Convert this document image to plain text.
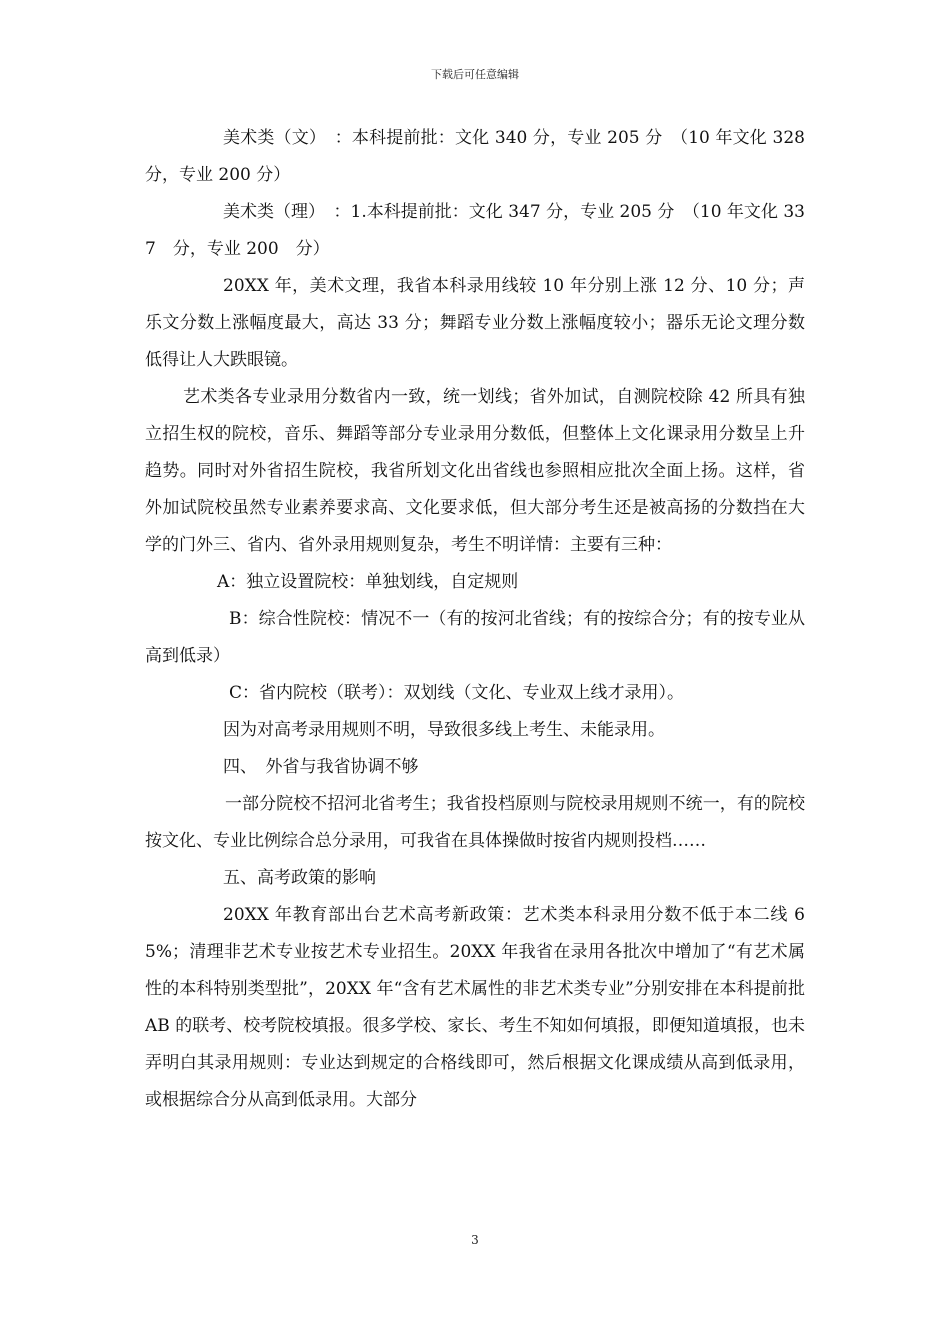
下载后可任意编辑

美术类（文）　：本科提前批：文化 340 分，专业 205 分　（10 年文化 328　分，专业 200 分）

美术类（理）　：1.本科提前批：文化 347 分，专业 205 分　（10 年文化 337　分，专业 200　分）

20XX 年，美术文理，我省本科录用线较 10 年分别上涨 12 分、10 分；声乐文分数上涨幅度最大，高达 33 分；舞蹈专业分数上涨幅度较小；器乐无论文理分数低得让人大跌眼镜。

艺术类各专业录用分数省内一致，统一划线；省外加试，自测院校除 42 所具有独立招生权的院校，音乐、舞蹈等部分专业录用分数低，但整体上文化课录用分数呈上升趋势。同时对外省招生院校，我省所划文化出省线也参照相应批次全面上扬。这样，省外加试院校虽然专业素养要求高、文化要求低，但大部分考生还是被高扬的分数挡在大学的门外三、省内、省外录用规则复杂，考生不明详情：主要有三种：

A：独立设置院校：单独划线，自定规则

B：综合性院校：情况不一（有的按河北省线；有的按综合分；有的按专业从高到低录）

C：省内院校（联考）：双划线（文化、专业双上线才录用）。

因为对高考录用规则不明，导致很多线上考生、未能录用。

四、　外省与我省协调不够

一部分院校不招河北省考生；我省投档原则与院校录用规则不统一，有的院校按文化、专业比例综合总分录用，可我省在具体操做时按省内规则投档……

五、高考政策的影响

20XX 年教育部出台艺术高考新政策：艺术类本科录用分数不低于本二线 65%；清理非艺术专业按艺术专业招生。20XX 年我省在录用各批次中增加了“有艺术属性的本科特别类型批”，20XX 年“含有艺术属性的非艺术类专业”分别安排在本科提前批 AB 的联考、校考院校填报。很多学校、家长、考生不知如何填报，即便知道填报，也未弄明白其录用规则：专业达到规定的合格线即可，然后根据文化课成绩从高到低录用，或根据综合分从高到低录用。大部分

3
